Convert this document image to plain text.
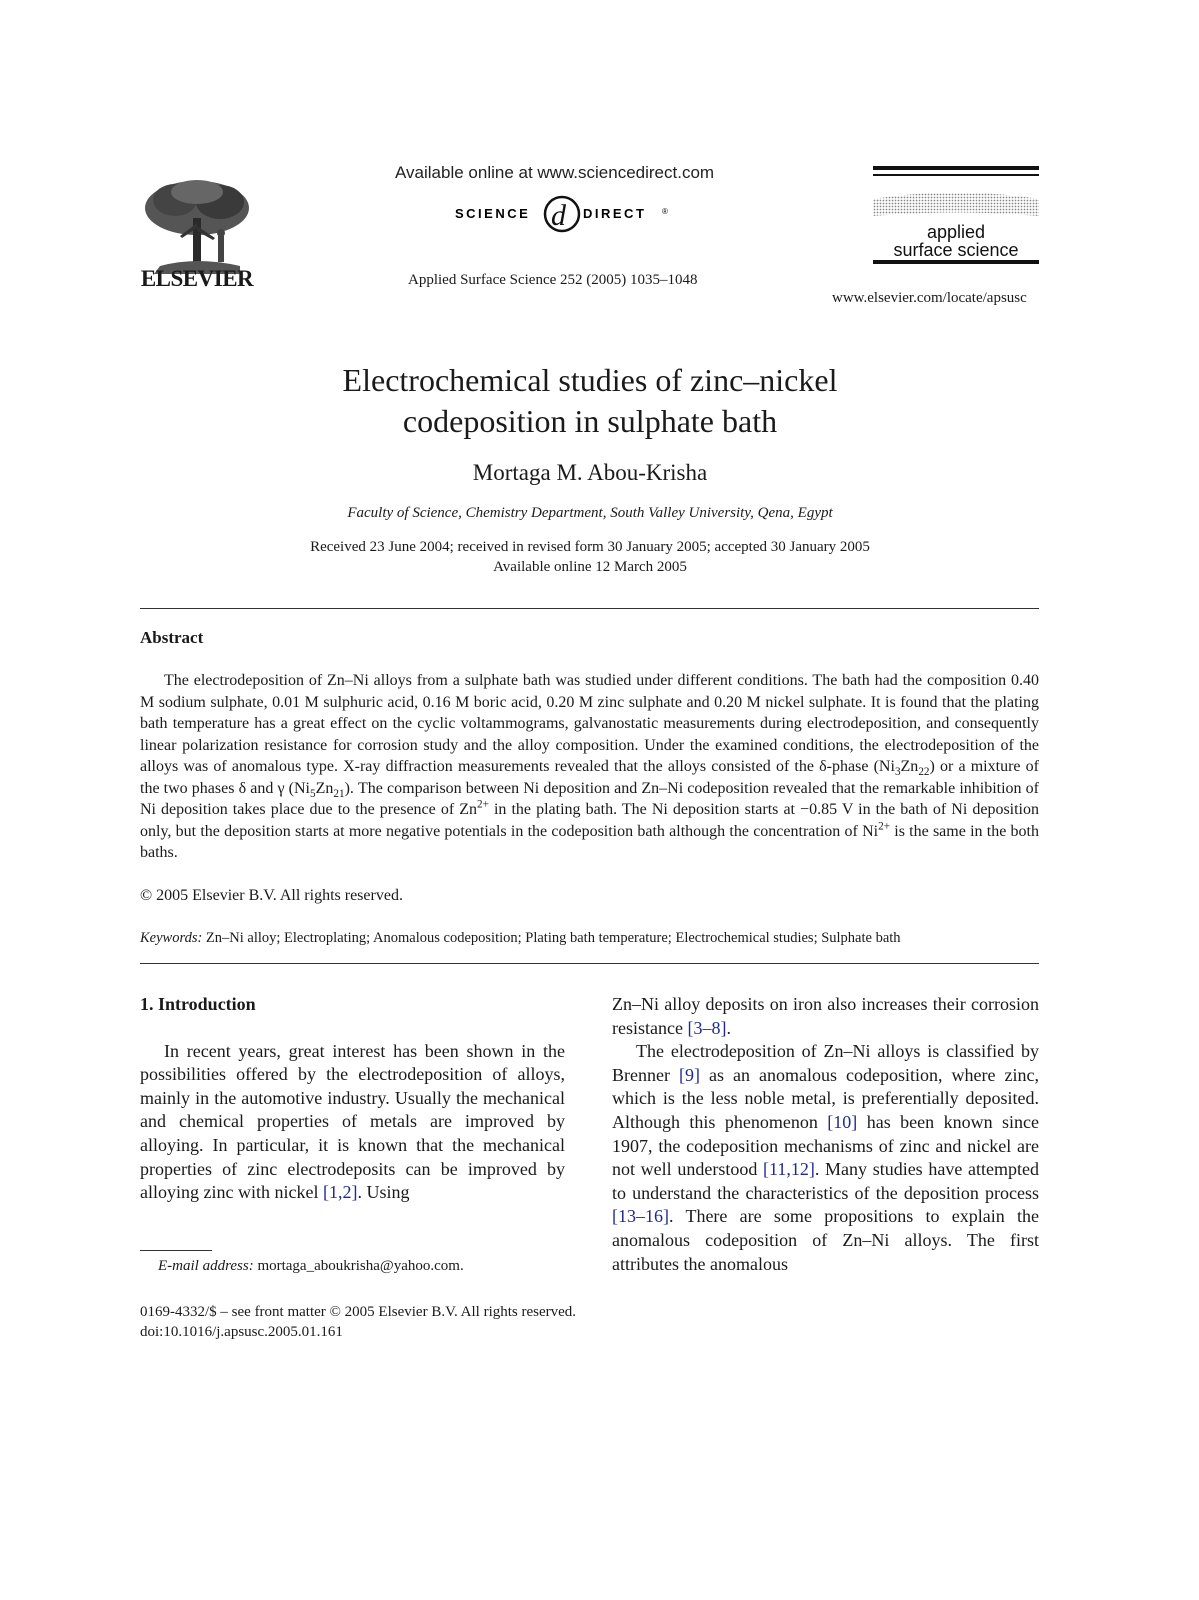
ELSEVIER
Available online at www.sciencedirect.com
SCIENCE d DIRECT ®
Applied Surface Science 252 (2005) 1035–1048
applied
surface science
www.elsevier.com/locate/apsusc
Electrochemical studies of zinc–nickel
codeposition in sulphate bath
Mortaga M. Abou-Krisha
Faculty of Science, Chemistry Department, South Valley University, Qena, Egypt
Received 23 June 2004; received in revised form 30 January 2005; accepted 30 January 2005
Available online 12 March 2005
Abstract
The electrodeposition of Zn–Ni alloys from a sulphate bath was studied under different conditions. The bath had the composition 0.40 M sodium sulphate, 0.01 M sulphuric acid, 0.16 M boric acid, 0.20 M zinc sulphate and 0.20 M nickel sulphate. It is found that the plating bath temperature has a great effect on the cyclic voltammograms, galvanostatic measurements during electrodeposition, and consequently linear polarization resistance for corrosion study and the alloy composition. Under the examined conditions, the electrodeposition of the alloys was of anomalous type. X-ray diffraction measurements revealed that the alloys consisted of the δ-phase $(Ni_3Zn_{22})$ or a mixture of the two phases δ and γ $(Ni_5Zn_{21})$. The comparison between Ni deposition and Zn–Ni codeposition revealed that the remarkable inhibition of Ni deposition takes place due to the presence of $Zn^{2+}$ in the plating bath. The Ni deposition starts at −0.85 V in the bath of Ni deposition only, but the deposition starts at more negative potentials in the codeposition bath although the concentration of $Ni^{2+}$ is the same in the both baths.
© 2005 Elsevier B.V. All rights reserved.
Keywords: Zn–Ni alloy; Electroplating; Anomalous codeposition; Plating bath temperature; Electrochemical studies; Sulphate bath

1. Introduction

In recent years, great interest has been shown in the possibilities offered by the electrodeposition of alloys, mainly in the automotive industry. Usually the mechanical and chemical properties of metals are improved by alloying. In particular, it is known that the mechanical properties of zinc electrodeposits can be improved by alloying zinc with nickel [1,2]. Using

Zn–Ni alloy deposits on iron also increases their corrosion resistance [3–8].

The electrodeposition of Zn–Ni alloys is classified by Brenner [9] as an anomalous codeposition, where zinc, which is the less noble metal, is preferentially deposited. Although this phenomenon [10] has been known since 1907, the codeposition mechanisms of zinc and nickel are not well understood [11,12]. Many studies have attempted to understand the characteristics of the deposition process [13–16]. There are some propositions to explain the anomalous codeposition of Zn–Ni alloys. The first attributes the anomalous

E-mail address: mortaga_aboukrisha@yahoo.com.
0169-4332/$ – see front matter © 2005 Elsevier B.V. All rights reserved.
doi:10.1016/j.apsusc.2005.01.161
